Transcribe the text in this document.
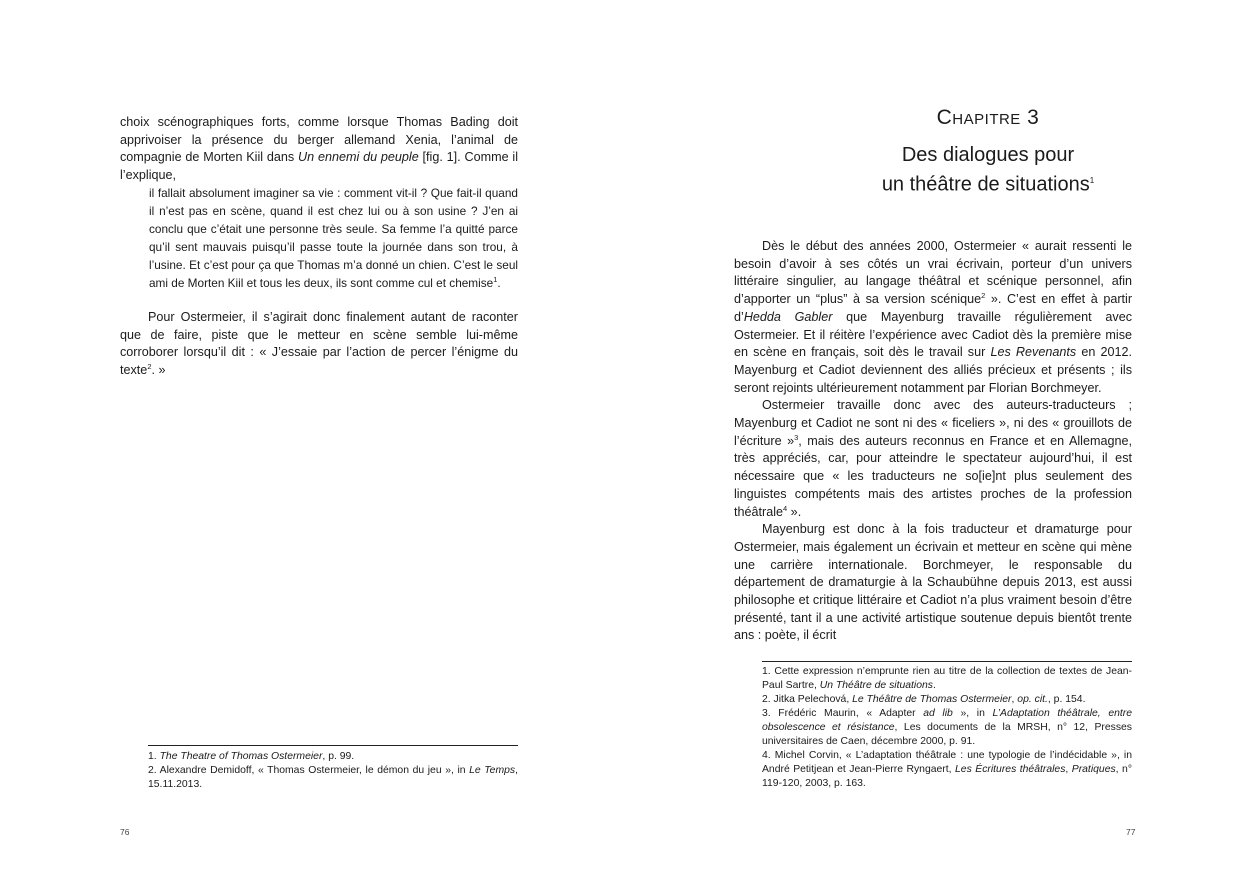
choix scénographiques forts, comme lorsque Thomas Bading doit apprivoiser la présence du berger allemand Xenia, l’animal de compagnie de Morten Kiil dans Un ennemi du peuple [fig. 1]. Comme il l’explique,

il fallait absolument imaginer sa vie : comment vit-il ? Que fait-il quand il n’est pas en scène, quand il est chez lui ou à son usine ? J’en ai conclu que c’était une personne très seule. Sa femme l’a quitté parce qu’il sent mauvais puisqu’il passe toute la journée dans son trou, à l’usine. Et c’est pour ça que Thomas m’a donné un chien. C’est le seul ami de Morten Kiil et tous les deux, ils sont comme cul et chemise$^1$.

Pour Ostermeier, il s’agirait donc finalement autant de raconter que de faire, piste que le metteur en scène semble lui-même corroborer lorsqu’il dit : « J’essaie par l’action de percer l’énigme du texte$^2$. »

1. The Theatre of Thomas Ostermeier, p. 99.

2. Alexandre Demidoff, « Thomas Ostermeier, le démon du jeu », in Le Temps, 15.11.2013.

76
Chapitre 3
Des dialogues pour
un théâtre de situations$^1$

Dès le début des années 2000, Ostermeier « aurait ressenti le besoin d’avoir à ses côtés un vrai écrivain, porteur d’un univers littéraire singulier, au langage théâtral et scénique personnel, afin d’apporter un “plus” à sa version scénique$^2$ ». C’est en effet à partir d’Hedda Gabler que Mayenburg travaille régulièrement avec Ostermeier. Et il réitère l’expérience avec Cadiot dès la première mise en scène en français, soit dès le travail sur Les Revenants en 2012. Mayenburg et Cadiot deviennent des alliés précieux et présents ; ils seront rejoints ultérieurement notamment par Florian Borchmeyer.

Ostermeier travaille donc avec des auteurs-traducteurs ; Mayenburg et Cadiot ne sont ni des « ficeliers », ni des « grouillots de l’écriture »$^3$, mais des auteurs reconnus en France et en Allemagne, très appréciés, car, pour atteindre le spectateur aujourd’hui, il est nécessaire que « les traducteurs ne so[ie]nt plus seulement des linguistes compétents mais des artistes proches de la profession théâtrale$^4$ ».

Mayenburg est donc à la fois traducteur et dramaturge pour Ostermeier, mais également un écrivain et metteur en scène qui mène une carrière internationale. Borchmeyer, le responsable du département de dramaturgie à la Schaubühne depuis 2013, est aussi philosophe et critique littéraire et Cadiot n’a plus vraiment besoin d’être présenté, tant il a une activité artistique soutenue depuis bientôt trente ans : poète, il écrit

1. Cette expression n’emprunte rien au titre de la collection de textes de Jean-Paul Sartre, Un Théâtre de situations.

2. Jitka Pelechová, Le Théâtre de Thomas Ostermeier, op. cit., p. 154.

3. Frédéric Maurin, « Adapter ad lib », in L’Adaptation théâtrale, entre obsolescence et résistance, Les documents de la MRSH, n° 12, Presses universitaires de Caen, décembre 2000, p. 91.

4. Michel Corvin, « L’adaptation théâtrale : une typologie de l’indécidable », in André Petitjean et Jean-Pierre Ryngaert, Les Écritures théâtrales, Pratiques, n° 119-120, 2003, p. 163.

77
